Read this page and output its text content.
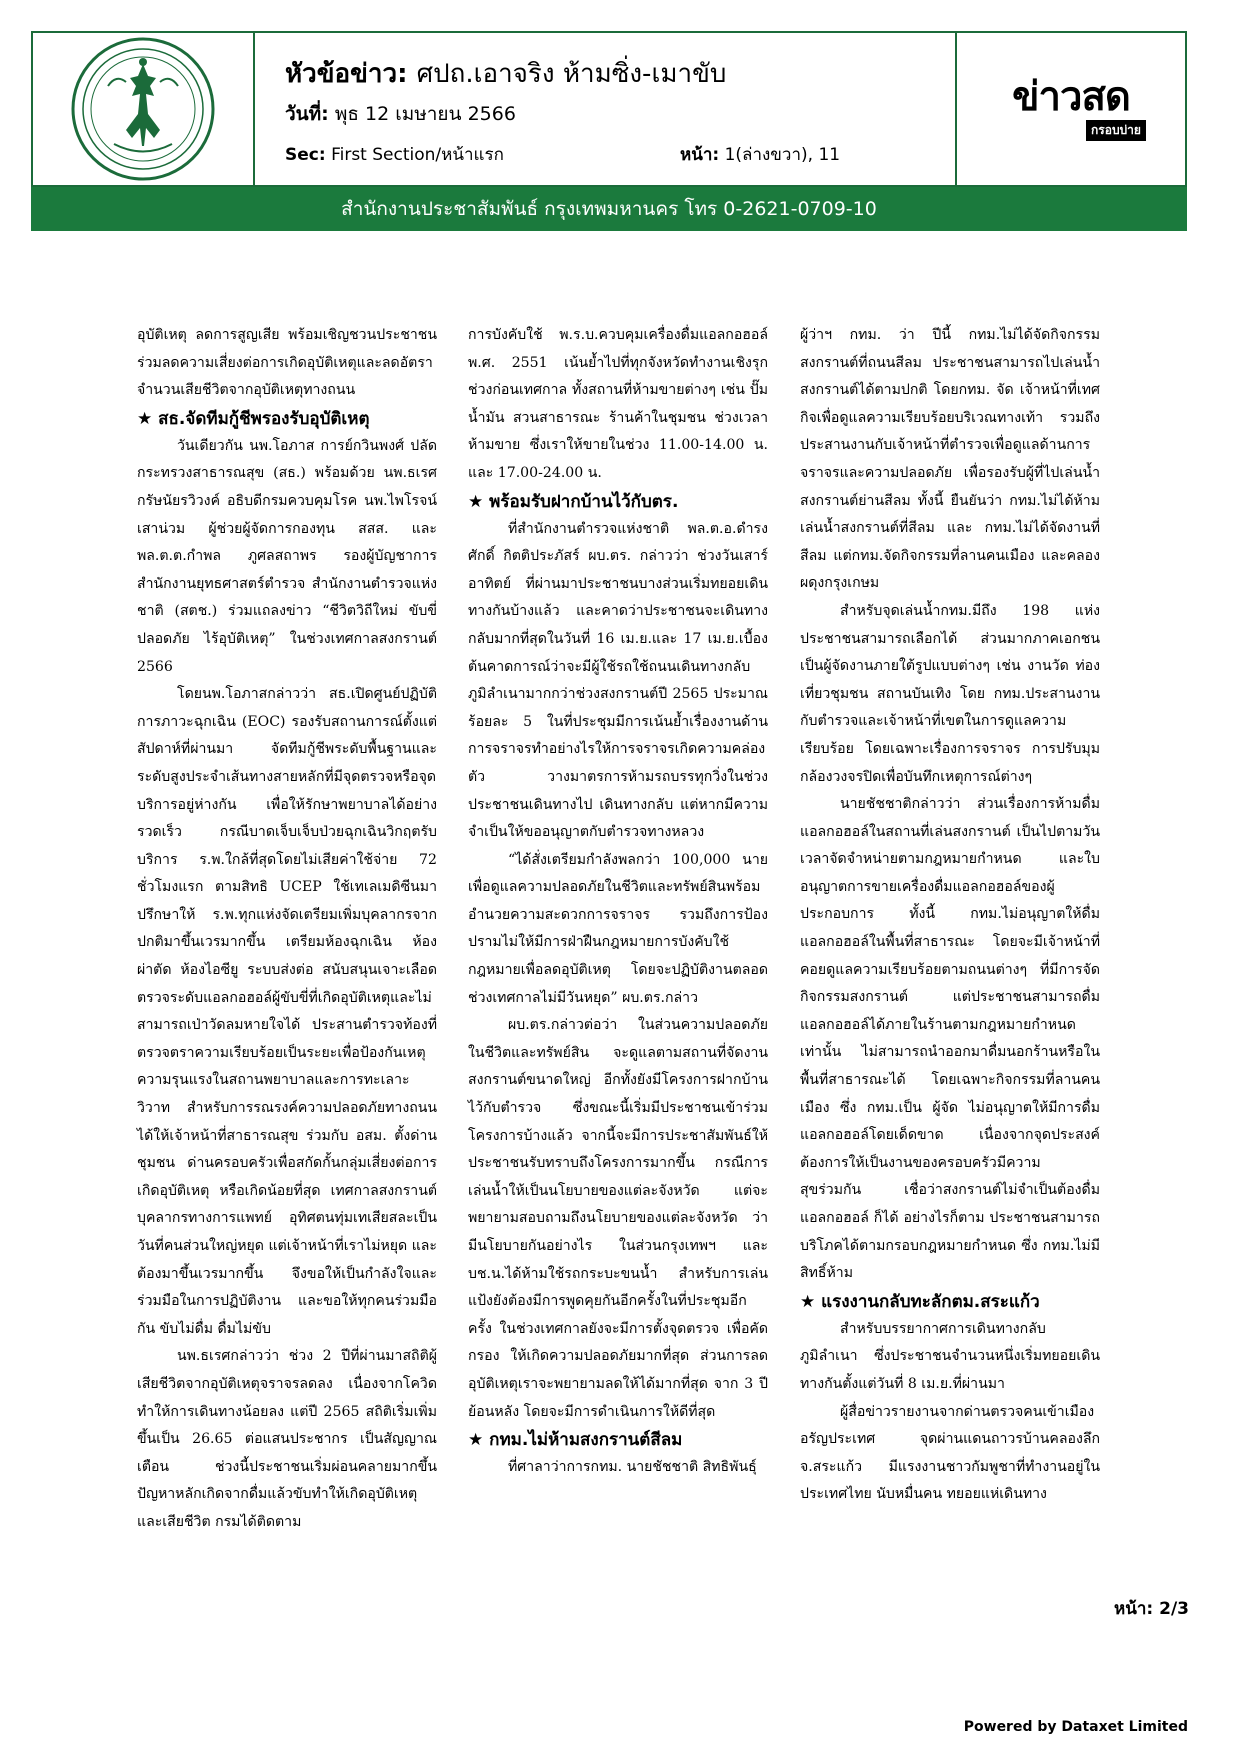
หัวข้อข่าว: ศปถ.เอาจริง ห้ามซิ่ง-เมาขับ
วันที่: พุธ 12 เมษายน 2566
Sec: First Section/หน้าแรก	หน้า: 1(ล่างขวา), 11
ข่าวสด
กรอบบ่าย
สำนักงานประชาสัมพันธ์ กรุงเทพมหานคร โทร 0-2621-0709-10

อุบัติเหตุ ลดการสูญเสีย พร้อมเชิญชวนประชาชนร่วมลดความเสี่ยงต่อการเกิดอุบัติเหตุและลดอัตราจำนวนเสียชีวิตจากอุบัติเหตุทางถนน

★ สธ.จัดทีมกู้ชีพรองรับอุบัติเหตุ

วันเดียวกัน นพ.โอภาส การย์กวินพงศ์ ปลัดกระทรวงสาธารณสุข (สธ.) พร้อมด้วย นพ.ธเรศ กรัษนัยรวิวงค์ อธิบดีกรมควบคุมโรค นพ.ไพโรจน์ เสาน่วม ผู้ช่วยผู้จัดการกองทุน สสส. และ พล.ต.ต.กำพล ภูศลสถาพร รองผู้บัญชาการสำนักงานยุทธศาสตร์ตำรวจ สำนักงานตำรวจแห่งชาติ (สตช.) ร่วมแถลงข่าว “ชีวิตวิถีใหม่ ขับขี่ปลอดภัย ไร้อุบัติเหตุ” ในช่วงเทศกาลสงกรานต์ 2566

โดยนพ.โอภาสกล่าวว่า สธ.เปิดศูนย์ปฏิบัติการภาวะฉุกเฉิน (EOC) รองรับสถานการณ์ตั้งแต่สัปดาห์ที่ผ่านมา จัดทีมกู้ชีพระดับพื้นฐานและระดับสูงประจำเส้นทางสายหลักที่มีจุดตรวจหรือจุดบริการอยู่ห่างกัน เพื่อให้รักษาพยาบาลได้อย่างรวดเร็ว กรณีบาดเจ็บเจ็บป่วยฉุกเฉินวิกฤตรับบริการ ร.พ.ใกล้ที่สุดโดยไม่เสียค่าใช้จ่าย 72 ชั่วโมงแรก ตามสิทธิ UCEP ใช้เทเลเมดิซีนมาปรึกษาให้ ร.พ.ทุกแห่งจัดเตรียมเพิ่มบุคลากรจากปกติมาขึ้นเวรมากขึ้น เตรียมห้องฉุกเฉิน ห้องผ่าตัด ห้องไอซียู ระบบส่งต่อ สนับสนุนเจาะเลือดตรวจระดับแอลกอฮอล์ผู้ขับขี่ที่เกิดอุบัติเหตุและไม่สามารถเป่าวัดลมหายใจได้ ประสานตำรวจท้องที่ตรวจตราความเรียบร้อยเป็นระยะเพื่อป้องกันเหตุความรุนแรงในสถานพยาบาลและการทะเลาะวิวาท สำหรับการรณรงค์ความปลอดภัยทางถนนได้ให้เจ้าหน้าที่สาธารณสุข ร่วมกับ อสม. ตั้งด่านชุมชน ด่านครอบครัวเพื่อสกัดกั้นกลุ่มเสี่ยงต่อการเกิดอุบัติเหตุ หรือเกิดน้อยที่สุด เทศกาลสงกรานต์บุคลากรทางการแพทย์ อุทิศตนทุ่มเทเสียสละเป็นวันที่คนส่วนใหญ่หยุด แต่เจ้าหน้าที่เราไม่หยุด และต้องมาขึ้นเวรมากขึ้น จึงขอให้เป็นกำลังใจและร่วมมือในการปฏิบัติงาน และขอให้ทุกคนร่วมมือกัน ขับไม่ดื่ม ดื่มไม่ขับ

นพ.ธเรศกล่าวว่า ช่วง 2 ปีที่ผ่านมาสถิติผู้เสียชีวิตจากอุบัติเหตุจราจรลดลง เนื่องจากโควิดทำให้การเดินทางน้อยลง แต่ปี 2565 สถิติเริ่มเพิ่มขึ้นเป็น 26.65 ต่อแสนประชากร เป็นสัญญาณเตือน ช่วงนี้ประชาชนเริ่มผ่อนคลายมากขึ้น ปัญหาหลักเกิดจากดื่มแล้วขับทำให้เกิดอุบัติเหตุและเสียชีวิต กรมได้ติดตาม

การบังคับใช้ พ.ร.บ.ควบคุมเครื่องดื่มแอลกอฮอล์ พ.ศ. 2551 เน้นย้ำไปที่ทุกจังหวัดทำงานเชิงรุกช่วงก่อนเทศกาล ทั้งสถานที่ห้ามขายต่างๆ เช่น ปั๊มน้ำมัน สวนสาธารณะ ร้านค้าในชุมชน ช่วงเวลาห้ามขาย ซึ่งเราให้ขายในช่วง 11.00-14.00 น. และ 17.00-24.00 น.

★ พร้อมรับฝากบ้านไว้กับตร.

ที่สำนักงานตำรวจแห่งชาติ พล.ต.อ.ดำรงศักดิ์ กิตติประภัสร์ ผบ.ตร. กล่าวว่า ช่วงวันเสาร์ อาทิตย์ ที่ผ่านมาประชาชนบางส่วนเริ่มทยอยเดินทางกันบ้างแล้ว และคาดว่าประชาชนจะเดินทางกลับมากที่สุดในวันที่ 16 เม.ย.และ 17 เม.ย.เบื้องต้นคาดการณ์ว่าจะมีผู้ใช้รถใช้ถนนเดินทางกลับภูมิลำเนามากกว่าช่วงสงกรานต์ปี 2565 ประมาณร้อยละ 5 ในที่ประชุมมีการเน้นย้ำเรื่องงานด้านการจราจรทำอย่างไรให้การจราจรเกิดความคล่องตัว วางมาตรการห้ามรถบรรทุกวิ่งในช่วงประชาชนเดินทางไป เดินทางกลับ แต่หากมีความจำเป็นให้ขออนุญาตกับตำรวจทางหลวง

“ได้สั่งเตรียมกำลังพลกว่า 100,000 นายเพื่อดูแลความปลอดภัยในชีวิตและทรัพย์สินพร้อมอำนวยความสะดวกการจราจร รวมถึงการป้องปรามไม่ให้มีการฝ่าฝืนกฎหมายการบังคับใช้กฎหมายเพื่อลดอุบัติเหตุ โดยจะปฏิบัติงานตลอดช่วงเทศกาลไม่มีวันหยุด” ผบ.ตร.กล่าว

ผบ.ตร.กล่าวต่อว่า ในส่วนความปลอดภัยในชีวิตและทรัพย์สิน จะดูแลตามสถานที่จัดงานสงกรานต์ขนาดใหญ่ อีกทั้งยังมีโครงการฝากบ้านไว้กับตำรวจ ซึ่งขณะนี้เริ่มมีประชาชนเข้าร่วมโครงการบ้างแล้ว จากนี้จะมีการประชาสัมพันธ์ให้ประชาชนรับทราบถึงโครงการมากขึ้น กรณีการเล่นน้ำให้เป็นนโยบายของแต่ละจังหวัด แต่จะพยายามสอบถามถึงนโยบายของแต่ละจังหวัด ว่ามีนโยบายกันอย่างไร ในส่วนกรุงเทพฯ และ บช.น.ได้ห้ามใช้รถกระบะขนน้ำ สำหรับการเล่นแป้งยังต้องมีการพูดคุยกันอีกครั้งในที่ประชุมอีกครั้ง ในช่วงเทศกาลยังจะมีการตั้งจุดตรวจ เพื่อคัดกรอง ให้เกิดความปลอดภัยมากที่สุด ส่วนการลดอุบัติเหตุเราจะพยายามลดให้ได้มากที่สุด จาก 3 ปีย้อนหลัง โดยจะมีการดำเนินการให้ดีที่สุด

★ กทม.ไม่ห้ามสงกรานต์สีลม

ที่ศาลาว่าการกทม. นายชัชชาติ สิทธิพันธุ์

ผู้ว่าฯ กทม. ว่า ปีนี้ กทม.ไม่ได้จัดกิจกรรมสงกรานต์ที่ถนนสีลม ประชาชนสามารถไปเล่นน้ำสงกรานต์ได้ตามปกติ โดยกทม. จัด เจ้าหน้าที่เทศกิจเพื่อดูแลความเรียบร้อยบริเวณทางเท้า รวมถึงประสานงานกับเจ้าหน้าที่ตำรวจเพื่อดูแลด้านการจราจรและความปลอดภัย เพื่อรองรับผู้ที่ไปเล่นน้ำสงกรานต์ย่านสีลม ทั้งนี้ ยืนยันว่า กทม.ไม่ได้ห้ามเล่นน้ำสงกรานต์ที่สีลม และ กทม.ไม่ได้จัดงานที่สีลม แต่กทม.จัดกิจกรรมที่ลานคนเมือง และคลองผดุงกรุงเกษม

สำหรับจุดเล่นน้ำกทม.มีถึง 198 แห่ง ประชาชนสามารถเลือกได้ ส่วนมากภาคเอกชนเป็นผู้จัดงานภายใต้รูปแบบต่างๆ เช่น งานวัด ท่องเที่ยวชุมชน สถานบันเทิง โดย กทม.ประสานงานกับตำรวจและเจ้าหน้าที่เขตในการดูแลความเรียบร้อย โดยเฉพาะเรื่องการจราจร การปรับมุมกล้องวงจรปิดเพื่อบันทึกเหตุการณ์ต่างๆ

นายชัชชาติกล่าวว่า ส่วนเรื่องการห้ามดื่มแอลกอฮอล์ในสถานที่เล่นสงกรานต์ เป็นไปตามวันเวลาจัดจำหน่ายตามกฎหมายกำหนด และใบอนุญาตการขายเครื่องดื่มแอลกอฮอล์ของผู้ประกอบการ ทั้งนี้ กทม.ไม่อนุญาตให้ดื่มแอลกอฮอล์ในพื้นที่สาธารณะ โดยจะมีเจ้าหน้าที่คอยดูแลความเรียบร้อยตามถนนต่างๆ ที่มีการจัดกิจกรรมสงกรานต์ แต่ประชาชนสามารถดื่มแอลกอฮอล์ได้ภายในร้านตามกฎหมายกำหนดเท่านั้น ไม่สามารถนำออกมาดื่มนอกร้านหรือในพื้นที่สาธารณะได้ โดยเฉพาะกิจกรรมที่ลานคนเมือง ซึ่ง กทม.เป็น ผู้จัด ไม่อนุญาตให้มีการดื่มแอลกอฮอล์โดยเด็ดขาด เนื่องจากจุดประสงค์ต้องการให้เป็นงานของครอบครัวมีความสุขร่วมกัน เชื่อว่าสงกรานต์ไม่จำเป็นต้องดื่มแอลกอฮอล์ ก็ได้ อย่างไรก็ตาม ประชาชนสามารถบริโภคได้ตามกรอบกฎหมายกำหนด ซึ่ง กทม.ไม่มีสิทธิ์ห้าม

★ แรงงานกลับทะลักตม.สระแก้ว

สำหรับบรรยากาศการเดินทางกลับภูมิลำเนา ซึ่งประชาชนจำนวนหนึ่งเริ่มทยอยเดินทางกันตั้งแต่วันที่ 8 เม.ย.ที่ผ่านมา

ผู้สื่อข่าวรายงานจากด่านตรวจคนเข้าเมืองอรัญประเทศ จุดผ่านแดนถาวรบ้านคลองลึก จ.สระแก้ว มีแรงงานชาวกัมพูชาที่ทำงานอยู่ในประเทศไทย นับหมื่นคน ทยอยแห่เดินทาง

หน้า: 2/3
Powered by Dataxet Limited
